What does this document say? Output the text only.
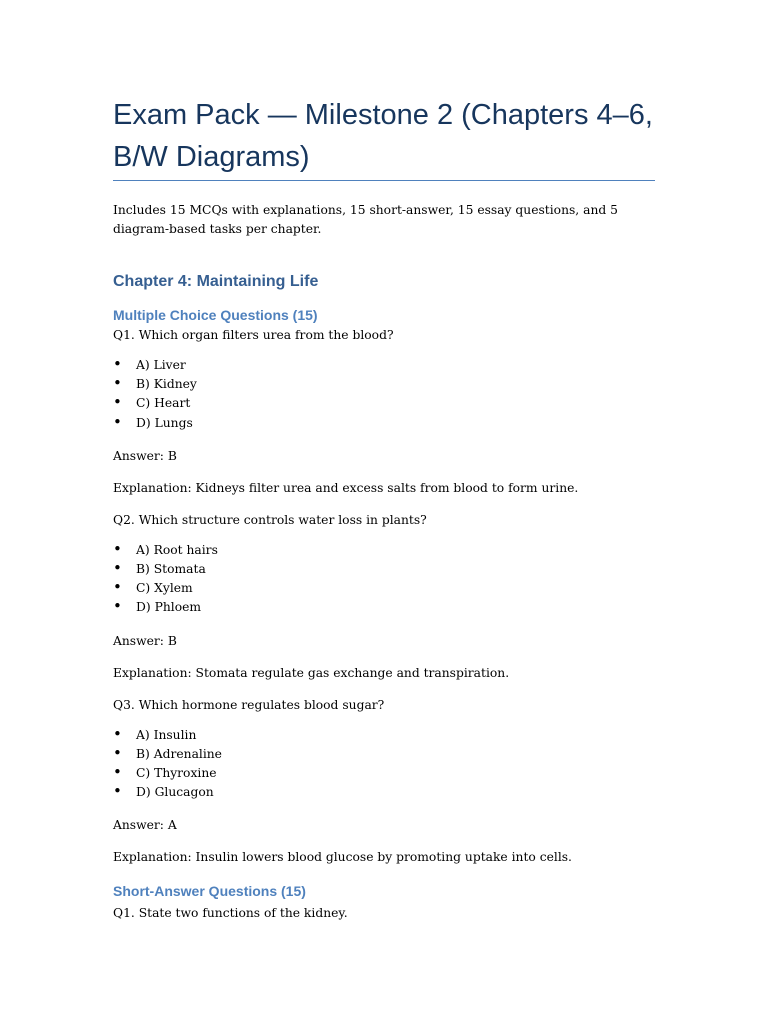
Exam Pack — Milestone 2 (Chapters 4–6, B/W Diagrams)

Includes 15 MCQs with explanations, 15 short-answer, 15 essay questions, and 5 diagram-based tasks per chapter.

Chapter 4: Maintaining Life
Multiple Choice Questions (15)

Q1. Which organ filters urea from the blood?

• A) Liver
• B) Kidney
• C) Heart
• D) Lungs

Answer: B

Explanation: Kidneys filter urea and excess salts from blood to form urine.

Q2. Which structure controls water loss in plants?

• A) Root hairs
• B) Stomata
• C) Xylem
• D) Phloem

Answer: B

Explanation: Stomata regulate gas exchange and transpiration.

Q3. Which hormone regulates blood sugar?

• A) Insulin
• B) Adrenaline
• C) Thyroxine
• D) Glucagon

Answer: A

Explanation: Insulin lowers blood glucose by promoting uptake into cells.

Short-Answer Questions (15)

Q1. State two functions of the kidney.
